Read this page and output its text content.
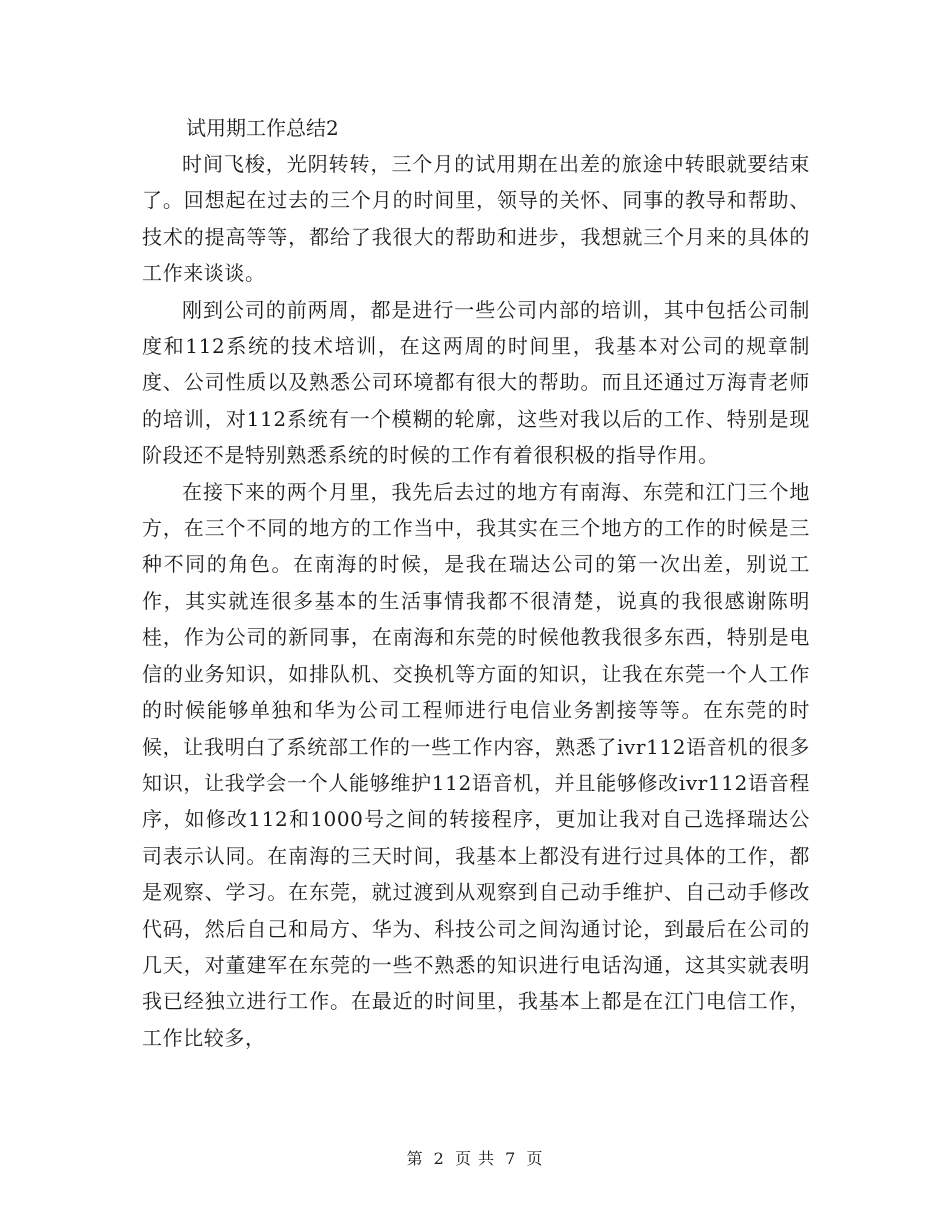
试用期工作总结2

时间飞梭，光阴转转，三个月的试用期在出差的旅途中转眼就要结束了。回想起在过去的三个月的时间里，领导的关怀、同事的教导和帮助、技术的提高等等，都给了我很大的帮助和进步，我想就三个月来的具体的工作来谈谈。

刚到公司的前两周，都是进行一些公司内部的培训，其中包括公司制度和112系统的技术培训，在这两周的时间里，我基本对公司的规章制度、公司性质以及熟悉公司环境都有很大的帮助。而且还通过万海青老师的培训，对112系统有一个模糊的轮廓，这些对我以后的工作、特别是现阶段还不是特别熟悉系统的时候的工作有着很积极的指导作用。

在接下来的两个月里，我先后去过的地方有南海、东莞和江门三个地方，在三个不同的地方的工作当中，我其实在三个地方的工作的时候是三种不同的角色。在南海的时候，是我在瑞达公司的第一次出差，别说工作，其实就连很多基本的生活事情我都不很清楚，说真的我很感谢陈明桂，作为公司的新同事，在南海和东莞的时候他教我很多东西，特别是电信的业务知识，如排队机、交换机等方面的知识，让我在东莞一个人工作的时候能够单独和华为公司工程师进行电信业务割接等等。在东莞的时候，让我明白了系统部工作的一些工作内容，熟悉了ivr112语音机的很多知识，让我学会一个人能够维护112语音机，并且能够修改ivr112语音程序，如修改112和1000号之间的转接程序，更加让我对自己选择瑞达公司表示认同。在南海的三天时间，我基本上都没有进行过具体的工作，都是观察、学习。在东莞，就过渡到从观察到自己动手维护、自己动手修改代码，然后自己和局方、华为、科技公司之间沟通讨论，到最后在公司的几天，对董建军在东莞的一些不熟悉的知识进行电话沟通，这其实就表明我已经独立进行工作。在最近的时间里，我基本上都是在江门电信工作，工作比较多，

第 2 页 共 7 页
